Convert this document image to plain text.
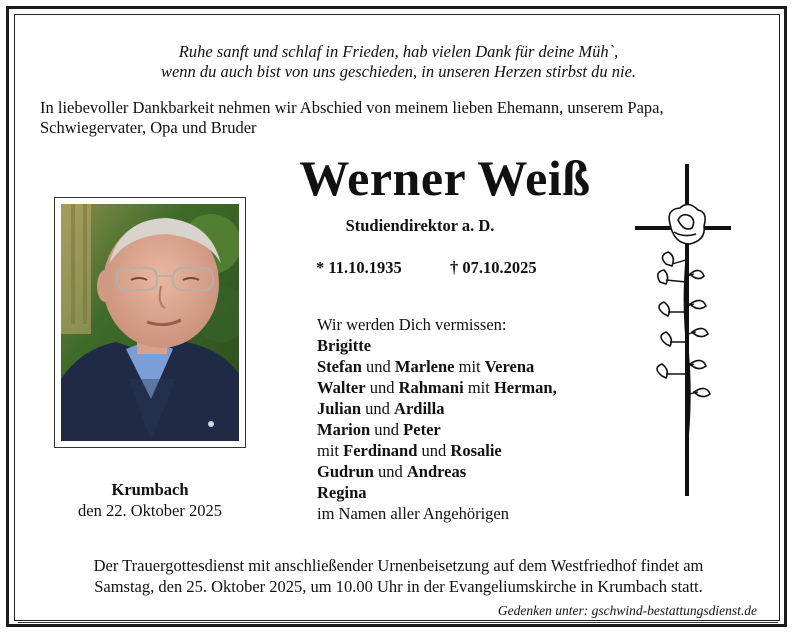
Ruhe sanft und schlaf in Frieden, hab vielen Dank für deine Müh`,
wenn du auch bist von uns geschieden, in unseren Herzen stirbst du nie.
In liebevoller Dankbarkeit nehmen wir Abschied von meinem lieben Ehemann, unserem Papa,
Schwiegervater, Opa und Bruder
Werner Weiß
Studiendirektor a. D.
* 11.10.1935	† 07.10.2025
Krumbach
den 22. Oktober 2025
Wir werden Dich vermissen:
Brigitte
Stefan und Marlene mit Verena
Walter und Rahmani mit Herman,
Julian und Ardilla
Marion und Peter
mit Ferdinand und Rosalie
Gudrun und Andreas
Regina
im Namen aller Angehörigen
Der Trauergottesdienst mit anschließender Urnenbeisetzung auf dem Westfriedhof findet am
Samstag, den 25. Oktober 2025, um 10.00 Uhr in der Evangeliumskirche in Krumbach statt.
Gedenken unter: gschwind-bestattungsdienst.de
